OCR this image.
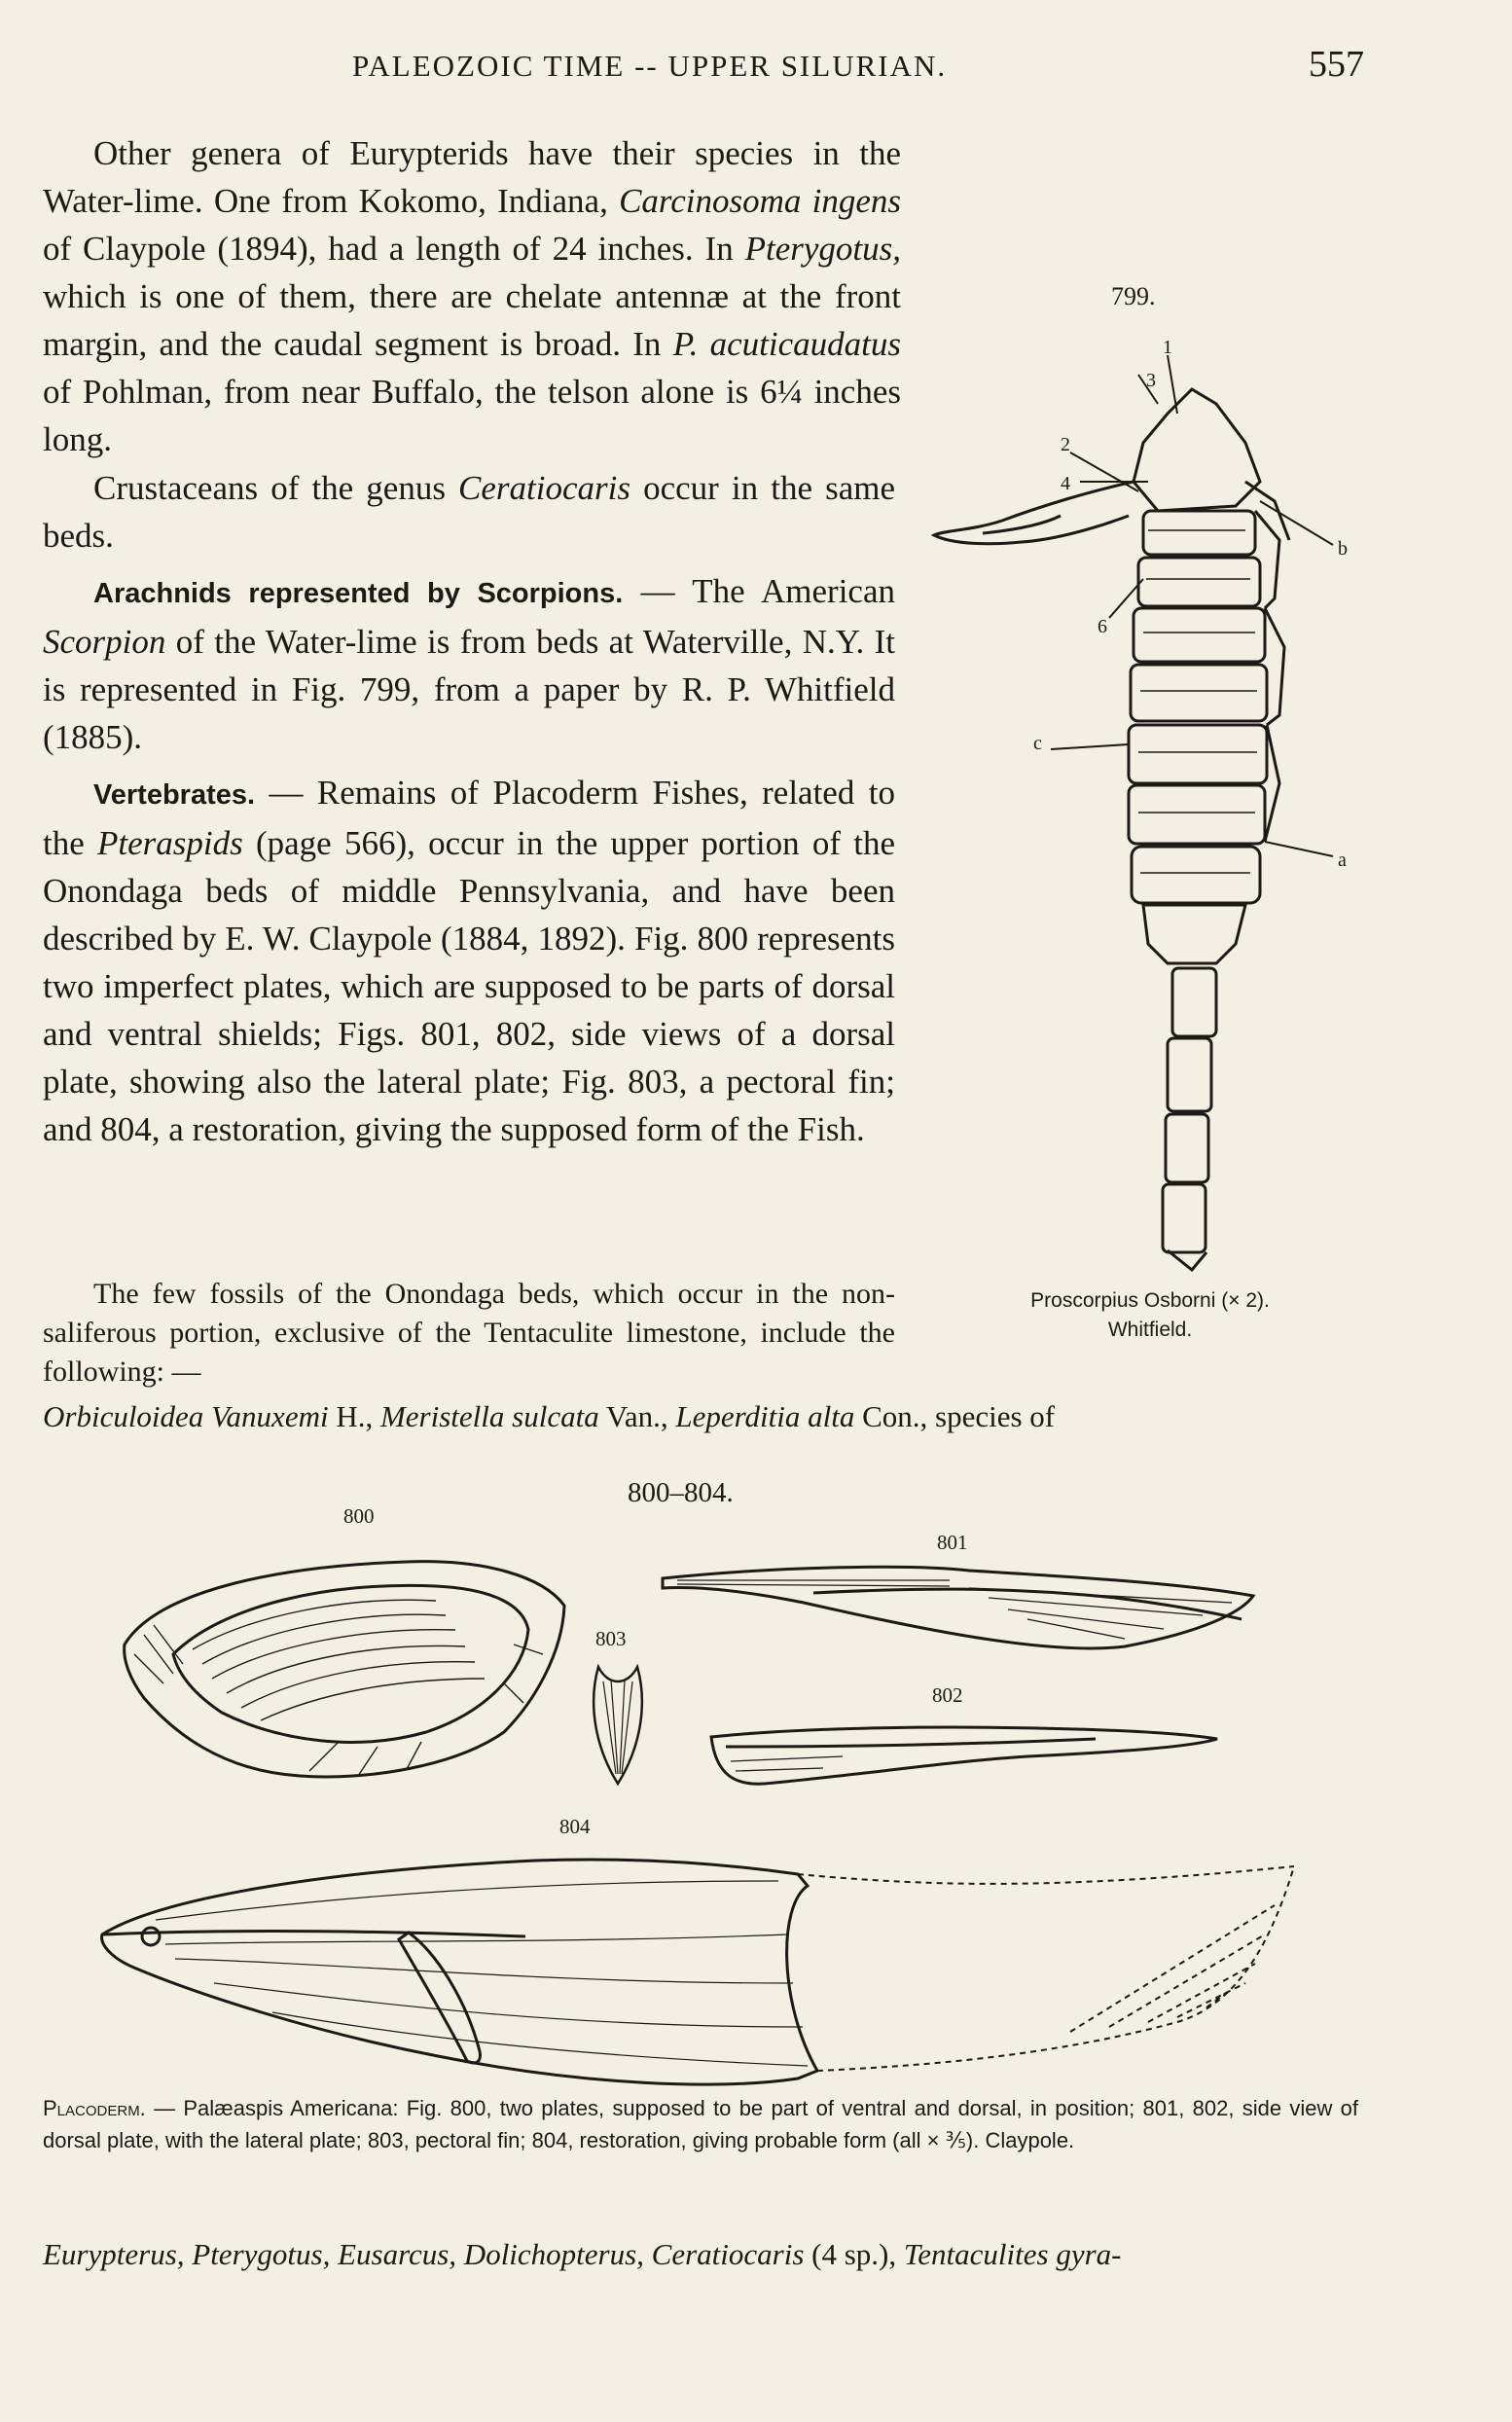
PALEOZOIC TIME -- UPPER SILURIAN.	557

Other genera of Eurypterids have their species in the Water-lime. One from Kokomo, Indiana, Carcinosoma ingens of Claypole (1894), had a length of 24 inches. In Pterygotus, which is one of them, there are chelate antennæ at the front margin, and the caudal segment is broad. In P. acuticaudatus of Pohlman, from near Buffalo, the telson alone is 6¼ inches long.

Crustaceans of the genus Ceratiocaris occur in the same beds.

Arachnids represented by Scorpions. — The American Scorpion of the Water-lime is from beds at Waterville, N.Y. It is represented in Fig. 799, from a paper by R. P. Whitfield (1885).

Vertebrates. — Remains of Placoderm Fishes, related to the Pteraspids (page 566), occur in the upper portion of the Onondaga beds of middle Pennsylvania, and have been described by E. W. Claypole (1884, 1892). Fig. 800 represents two imperfect plates, which are supposed to be parts of dorsal and ventral shields; Figs. 801, 802, side views of a dorsal plate, showing also the lateral plate; Fig. 803, a pectoral fin; and 804, a restoration, giving the supposed form of the Fish.

The few fossils of the Onondaga beds, which occur in the non-saliferous portion, exclusive of the Tentaculite limestone, include the following: —

Orbiculoidea Vanuxemi H., Meristella sulcata Van., Leperditia alta Con., species of

799.
1
3
2
4
b
6
c
a
Proscorpius Osborni (× 2).
Whitfield.
800–804.
800
801
803
802
804

Placoderm. — Palæaspis Americana: Fig. 800, two plates, supposed to be part of ventral and dorsal, in position; 801, 802, side view of dorsal plate, with the lateral plate; 803, pectoral fin; 804, restoration, giving probable form (all × ⅗). Claypole.

Eurypterus, Pterygotus, Eusarcus, Dolichopterus, Ceratiocaris (4 sp.), Tentaculites gyra-
